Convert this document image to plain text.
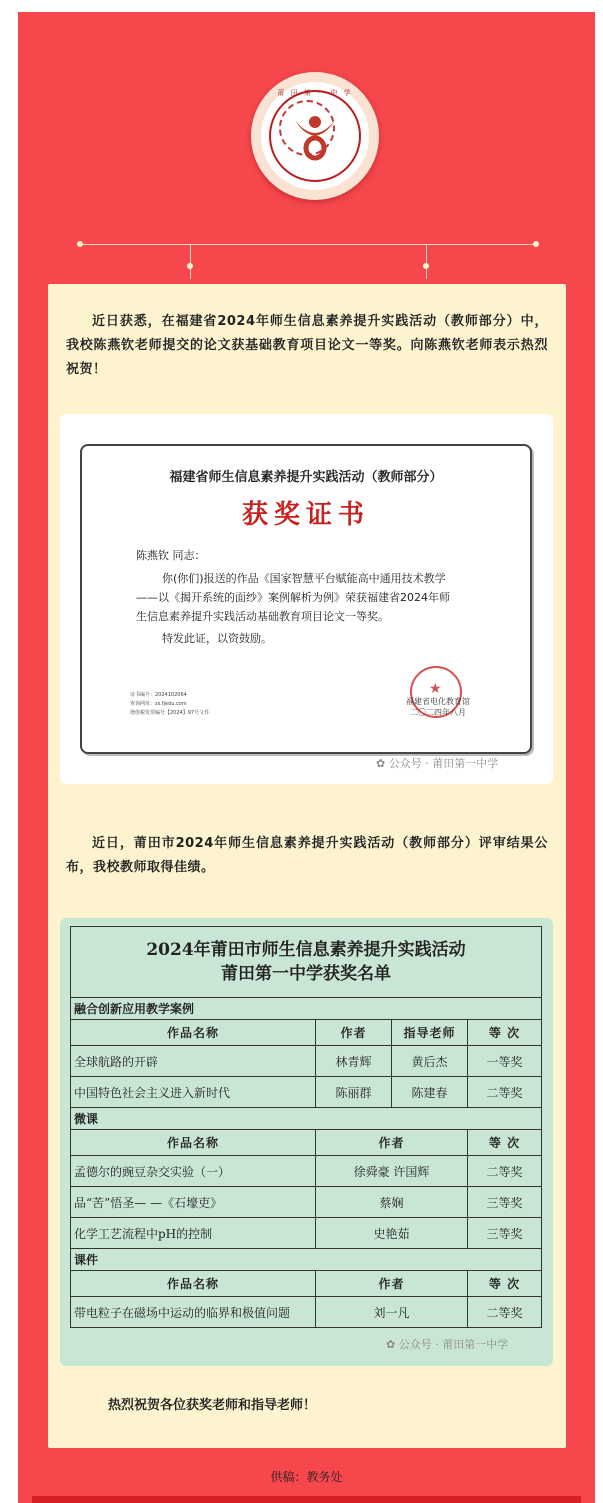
莆 田 第 一 中 学

近日获悉，在福建省2024年师生信息素养提升实践活动（教师部分）中，我校陈燕钦老师提交的论文获基础教育项目论文一等奖。向陈燕钦老师表示热烈祝贺！

福建省师生信息素养提升实践活动（教师部分）
获奖证书
陈燕钦 同志：
你(你们)报送的作品《国家智慧平台赋能高中通用技术教学
——以《揭开系统的面纱》案例解析为例》荣获福建省2024年师
生信息素养提升实践活动基础教育项目论文一等奖。
特发此证，以资鼓励。
证书编号：2024102064
查询网址：zs.fjedu.com
增值税发票编号【2024】97号文件
★
福建省电化教育馆
二〇二四年八月
✿ 公众号 · 莆田第一中学

近日，莆田市2024年师生信息素养提升实践活动（教师部分）评审结果公布，我校教师取得佳绩。

2024年莆田市师生信息素养提升实践活动
莆田第一中学获奖名单			

融合创新应用教学案例			
作品名称	作者	指导老师	等 次
全球航路的开辟	林青辉	黄后杰	一等奖
中国特色社会主义进入新时代	陈丽群	陈建春	二等奖
微课			
作品名称	作者		等 次
孟德尔的豌豆杂交实验（一）	徐舜豪 许国辉		二等奖
品“苦”悟圣— —《石壕吏》	蔡娴		三等奖
化学工艺流程中pH的控制	史艳茹		三等奖
课件			
作品名称	作者		等 次
带电粒子在磁场中运动的临界和极值问题	刘一凡		二等奖
✿ 公众号 · 莆田第一中学
热烈祝贺各位获奖老师和指导老师！
供稿：教务处
